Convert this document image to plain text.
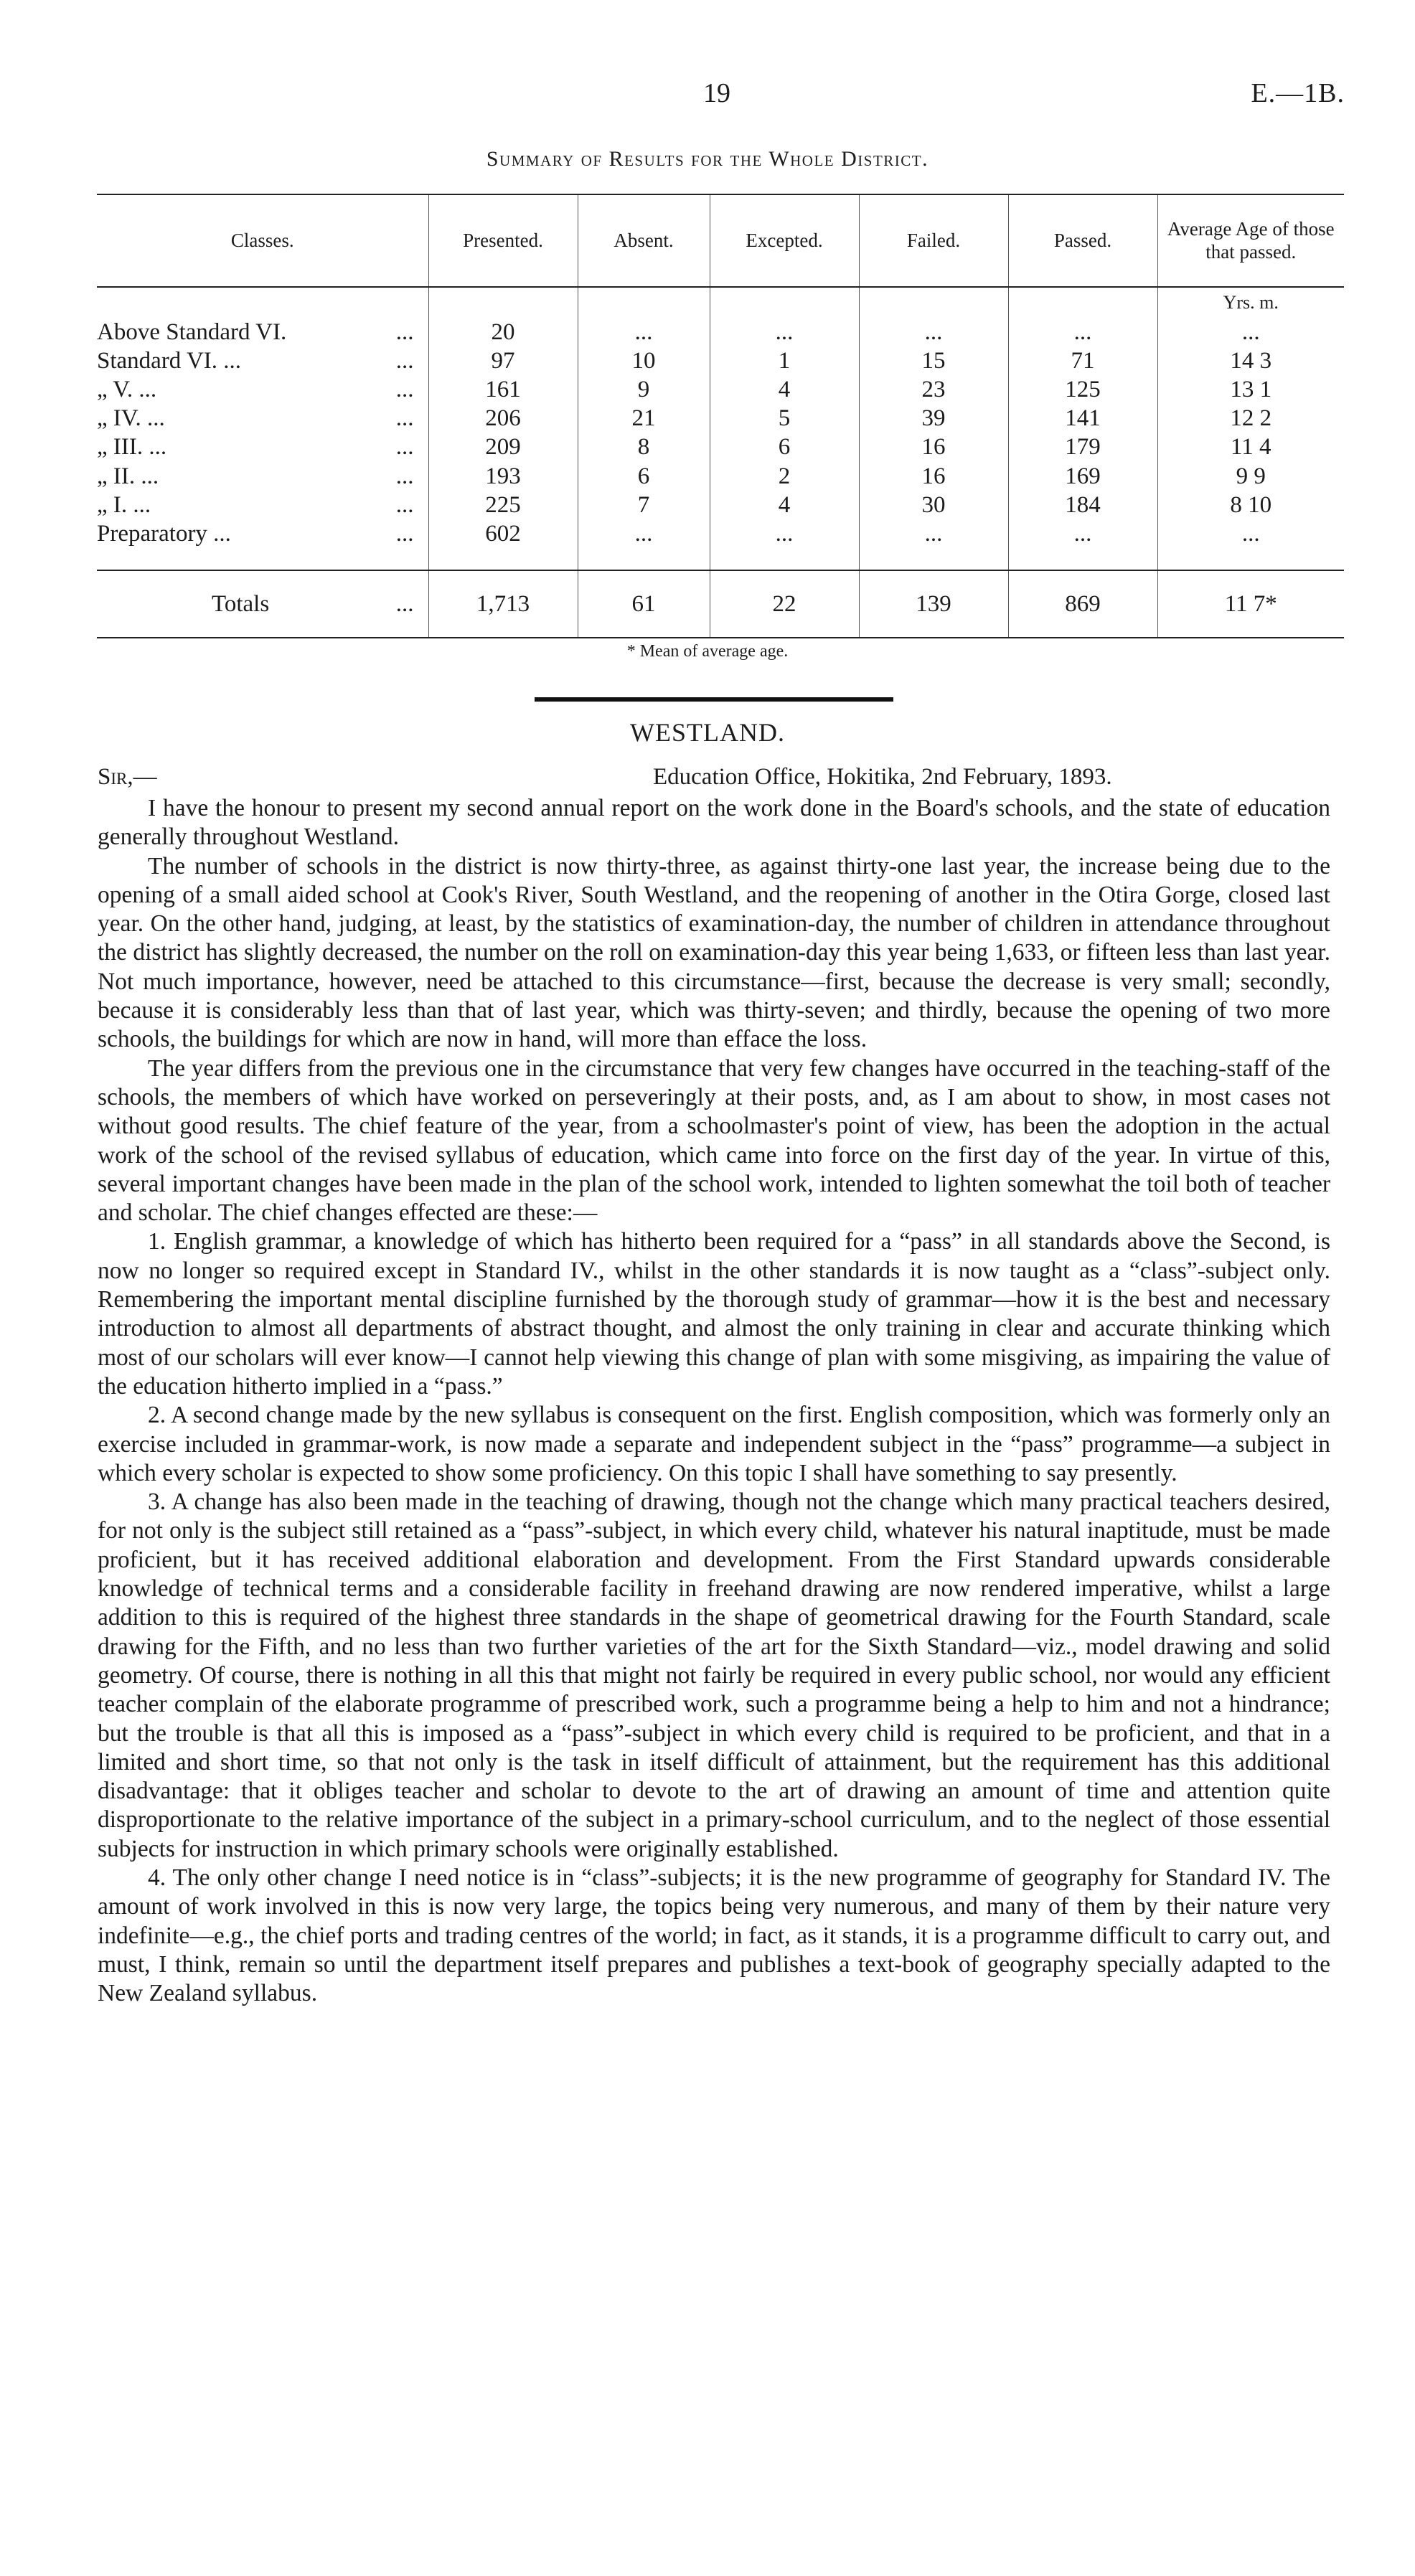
19	E.—1B.
Summary of Results for the Whole District.
Classes.	Presented.	Absent.	Excepted.	Failed.	Passed.	Average Age of those that passed.
						Yrs. m.
Above Standard VI. ...	20	...	...	...	...	...
Standard VI. ... ...	97	10	1	15	71	14 3
„ V. ... ...	161	9	4	23	125	13 1
„ IV. ... ...	206	21	5	39	141	12 2
„ III. ... ...	209	8	6	16	179	11 4
„ II. ... ...	193	6	2	16	169	9 9
„ I. ... ...	225	7	4	30	184	8 10
Preparatory ... ...	602	...	...	...	...	...

Totals ...	1,713	61	22	139	869	11 7*
* Mean of average age.
WESTLAND.
Sir,—	Education Office, Hokitika, 2nd February, 1893.

I have the honour to present my second annual report on the work done in the Board's schools, and the state of education generally throughout Westland.

The number of schools in the district is now thirty-three, as against thirty-one last year, the increase being due to the opening of a small aided school at Cook's River, South Westland, and the reopening of another in the Otira Gorge, closed last year. On the other hand, judging, at least, by the statistics of examination-day, the number of children in attendance throughout the district has slightly decreased, the number on the roll on examination-day this year being 1,633, or fifteen less than last year. Not much importance, however, need be attached to this circumstance—first, because the decrease is very small; secondly, because it is considerably less than that of last year, which was thirty-seven; and thirdly, because the opening of two more schools, the buildings for which are now in hand, will more than efface the loss.

The year differs from the previous one in the circumstance that very few changes have occurred in the teaching-staff of the schools, the members of which have worked on perseveringly at their posts, and, as I am about to show, in most cases not without good results. The chief feature of the year, from a schoolmaster's point of view, has been the adoption in the actual work of the school of the revised syllabus of education, which came into force on the first day of the year. In virtue of this, several important changes have been made in the plan of the school work, intended to lighten somewhat the toil both of teacher and scholar. The chief changes effected are these:—

1. English grammar, a knowledge of which has hitherto been required for a “pass” in all standards above the Second, is now no longer so required except in Standard IV., whilst in the other standards it is now taught as a “class”-subject only. Remembering the important mental discipline furnished by the thorough study of grammar—how it is the best and necessary introduction to almost all departments of abstract thought, and almost the only training in clear and accurate thinking which most of our scholars will ever know—I cannot help viewing this change of plan with some misgiving, as impairing the value of the education hitherto implied in a “pass.”

2. A second change made by the new syllabus is consequent on the first. English composition, which was formerly only an exercise included in grammar-work, is now made a separate and independent subject in the “pass” programme—a subject in which every scholar is expected to show some proficiency. On this topic I shall have something to say presently.

3. A change has also been made in the teaching of drawing, though not the change which many practical teachers desired, for not only is the subject still retained as a “pass”-subject, in which every child, whatever his natural inaptitude, must be made proficient, but it has received additional elaboration and development. From the First Standard upwards considerable knowledge of technical terms and a considerable facility in freehand drawing are now rendered imperative, whilst a large addition to this is required of the highest three standards in the shape of geometrical drawing for the Fourth Standard, scale drawing for the Fifth, and no less than two further varieties of the art for the Sixth Standard—viz., model drawing and solid geometry. Of course, there is nothing in all this that might not fairly be required in every public school, nor would any efficient teacher complain of the elaborate programme of prescribed work, such a programme being a help to him and not a hindrance; but the trouble is that all this is imposed as a “pass”-subject in which every child is required to be proficient, and that in a limited and short time, so that not only is the task in itself difficult of attainment, but the requirement has this additional disadvantage: that it obliges teacher and scholar to devote to the art of drawing an amount of time and attention quite disproportionate to the relative importance of the subject in a primary-school curriculum, and to the neglect of those essential subjects for instruction in which primary schools were originally established.

4. The only other change I need notice is in “class”-subjects; it is the new programme of geography for Standard IV. The amount of work involved in this is now very large, the topics being very numerous, and many of them by their nature very indefinite—e.g., the chief ports and trading centres of the world; in fact, as it stands, it is a programme difficult to carry out, and must, I think, remain so until the department itself prepares and publishes a text-book of geography specially adapted to the New Zealand syllabus.
